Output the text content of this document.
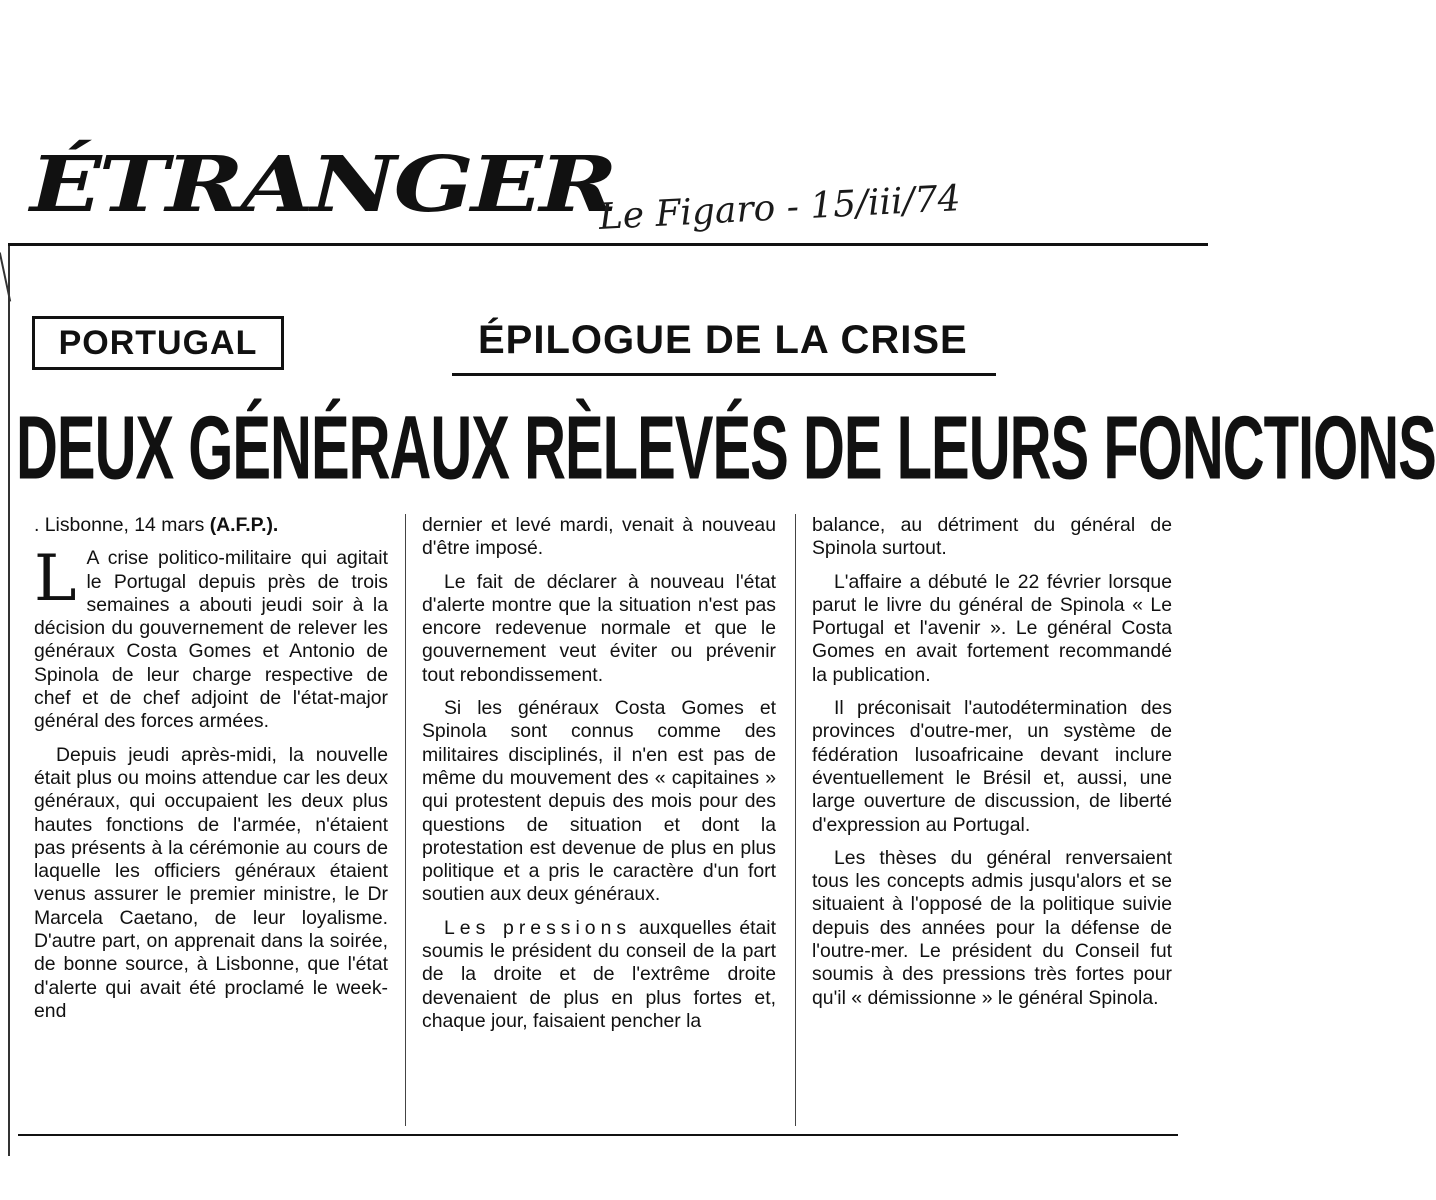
ÉTRANGER
Le Figaro - 15/iii/74
PORTUGAL	ÉPILOGUE DE LA CRISE
DEUX GÉNÉRAUX RÈLEVÉS DE LEURS FONCTIONS

. Lisbonne, 14 mars (A.F.P.).

L A crise politico-militaire qui agitait le Portugal depuis près de trois semaines a abouti jeudi soir à la décision du gouvernement de relever les généraux Costa Gomes et Antonio de Spinola de leur charge respective de chef et de chef adjoint de l'état-major général des forces armées.

Depuis jeudi après-midi, la nouvelle était plus ou moins attendue car les deux généraux, qui occupaient les deux plus hautes fonctions de l'armée, n'étaient pas présents à la cérémonie au cours de laquelle les officiers généraux étaient venus assurer le premier ministre, le Dr Marcela Caetano, de leur loyalisme. D'autre part, on apprenait dans la soirée, de bonne source, à Lisbonne, que l'état d'alerte qui avait été proclamé le week-end

dernier et levé mardi, venait à nouveau d'être imposé.

Le fait de déclarer à nouveau l'état d'alerte montre que la situation n'est pas encore redevenue normale et que le gouvernement veut éviter ou prévenir tout rebondissement.

Si les généraux Costa Gomes et Spinola sont connus comme des militaires disciplinés, il n'en est pas de même du mouvement des « capitaines » qui protestent depuis des mois pour des questions de situation et dont la protestation est devenue de plus en plus politique et a pris le caractère d'un fort soutien aux deux généraux.

Les pressions auxquelles était soumis le président du conseil de la part de la droite et de l'extrême droite devenaient de plus en plus fortes et, chaque jour, faisaient pencher la

balance, au détriment du général de Spinola surtout.

L'affaire a débuté le 22 février lorsque parut le livre du général de Spinola « Le Portugal et l'avenir ». Le général Costa Gomes en avait fortement recommandé la publication.

Il préconisait l'autodétermination des provinces d'outre-mer, un système de fédération lusoafricaine devant inclure éventuellement le Brésil et, aussi, une large ouverture de discussion, de liberté d'expression au Portugal.

Les thèses du général renversaient tous les concepts admis jusqu'alors et se situaient à l'opposé de la politique suivie depuis des années pour la défense de l'outre-mer. Le président du Conseil fut soumis à des pressions très fortes pour qu'il « démissionne » le général Spinola.
